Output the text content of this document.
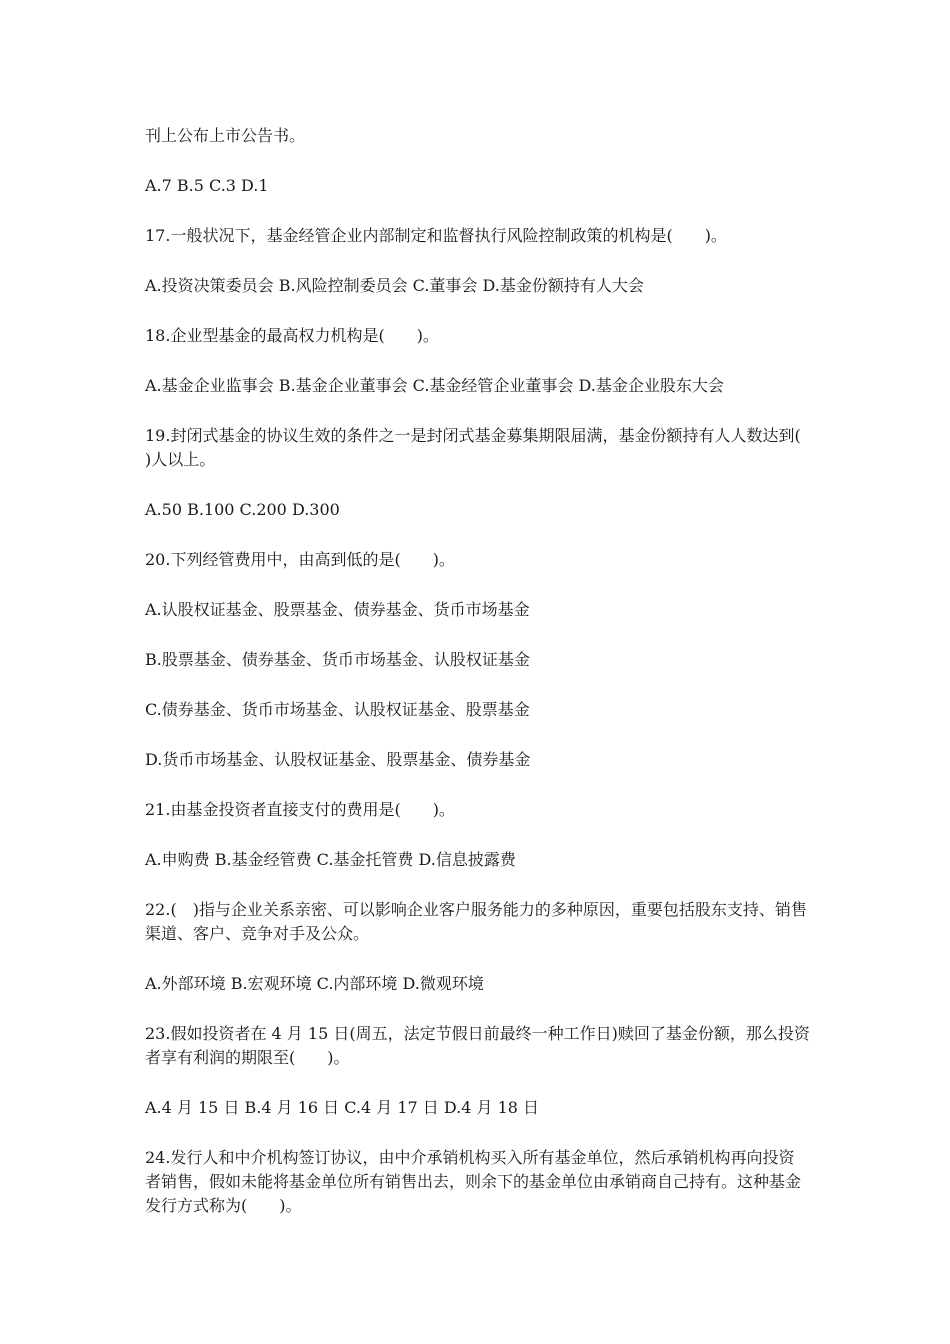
刊上公布上市公告书。

A.7 B.5 C.3 D.1

17.一般状况下，基金经管企业内部制定和监督执行风险控制政策的机构是(　　)。

A.投资决策委员会 B.风险控制委员会 C.董事会 D.基金份额持有人大会

18.企业型基金的最高权力机构是(　　)。

A.基金企业监事会 B.基金企业董事会 C.基金经管企业董事会 D.基金企业股东大会

19.封闭式基金的协议生效的条件之一是封闭式基金募集期限届满，基金份额持有人人数达到(　　)人以上。

A.50 B.100 C.200 D.300

20.下列经管费用中，由高到低的是(　　)。

A.认股权证基金、股票基金、债券基金、货币市场基金

B.股票基金、债券基金、货币市场基金、认股权证基金

C.债券基金、货币市场基金、认股权证基金、股票基金

D.货币市场基金、认股权证基金、股票基金、债券基金

21.由基金投资者直接支付的费用是(　　)。

A.申购费 B.基金经管费 C.基金托管费 D.信息披露费

22.(　)指与企业关系亲密、可以影响企业客户服务能力的多种原因，重要包括股东支持、销售渠道、客户、竞争对手及公众。

A.外部环境 B.宏观环境 C.内部环境 D.微观环境

23.假如投资者在 4 月 15 日(周五，法定节假日前最终一种工作日)赎回了基金份额，那么投资者享有利润的期限至(　　)。

A.4 月 15 日 B.4 月 16 日 C.4 月 17 日 D.4 月 18 日

24.发行人和中介机构签订协议，由中介承销机构买入所有基金单位，然后承销机构再向投资者销售，假如未能将基金单位所有销售出去，则余下的基金单位由承销商自己持有。这种基金发行方式称为(　　)。
